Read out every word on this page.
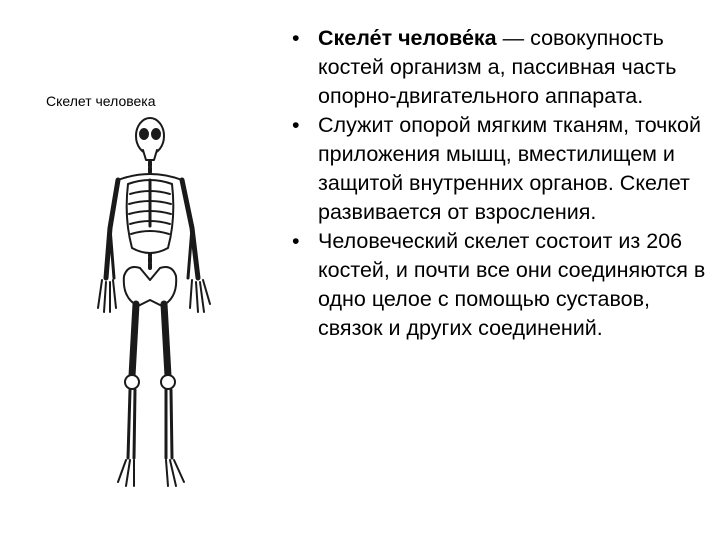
Скелет человека
• Скеле́т челове́ка — совокупность костей организм а, пассивная часть опорно-двигательного аппарата.
• Служит опорой мягким тканям, точкой приложения мышц, вместилищем и защитой внутренних органов. Скелет развивается от взросления.
• Человеческий скелет состоит из 206 костей, и почти все они соединяются в одно целое с помощью суставов, связок и других соединений.
